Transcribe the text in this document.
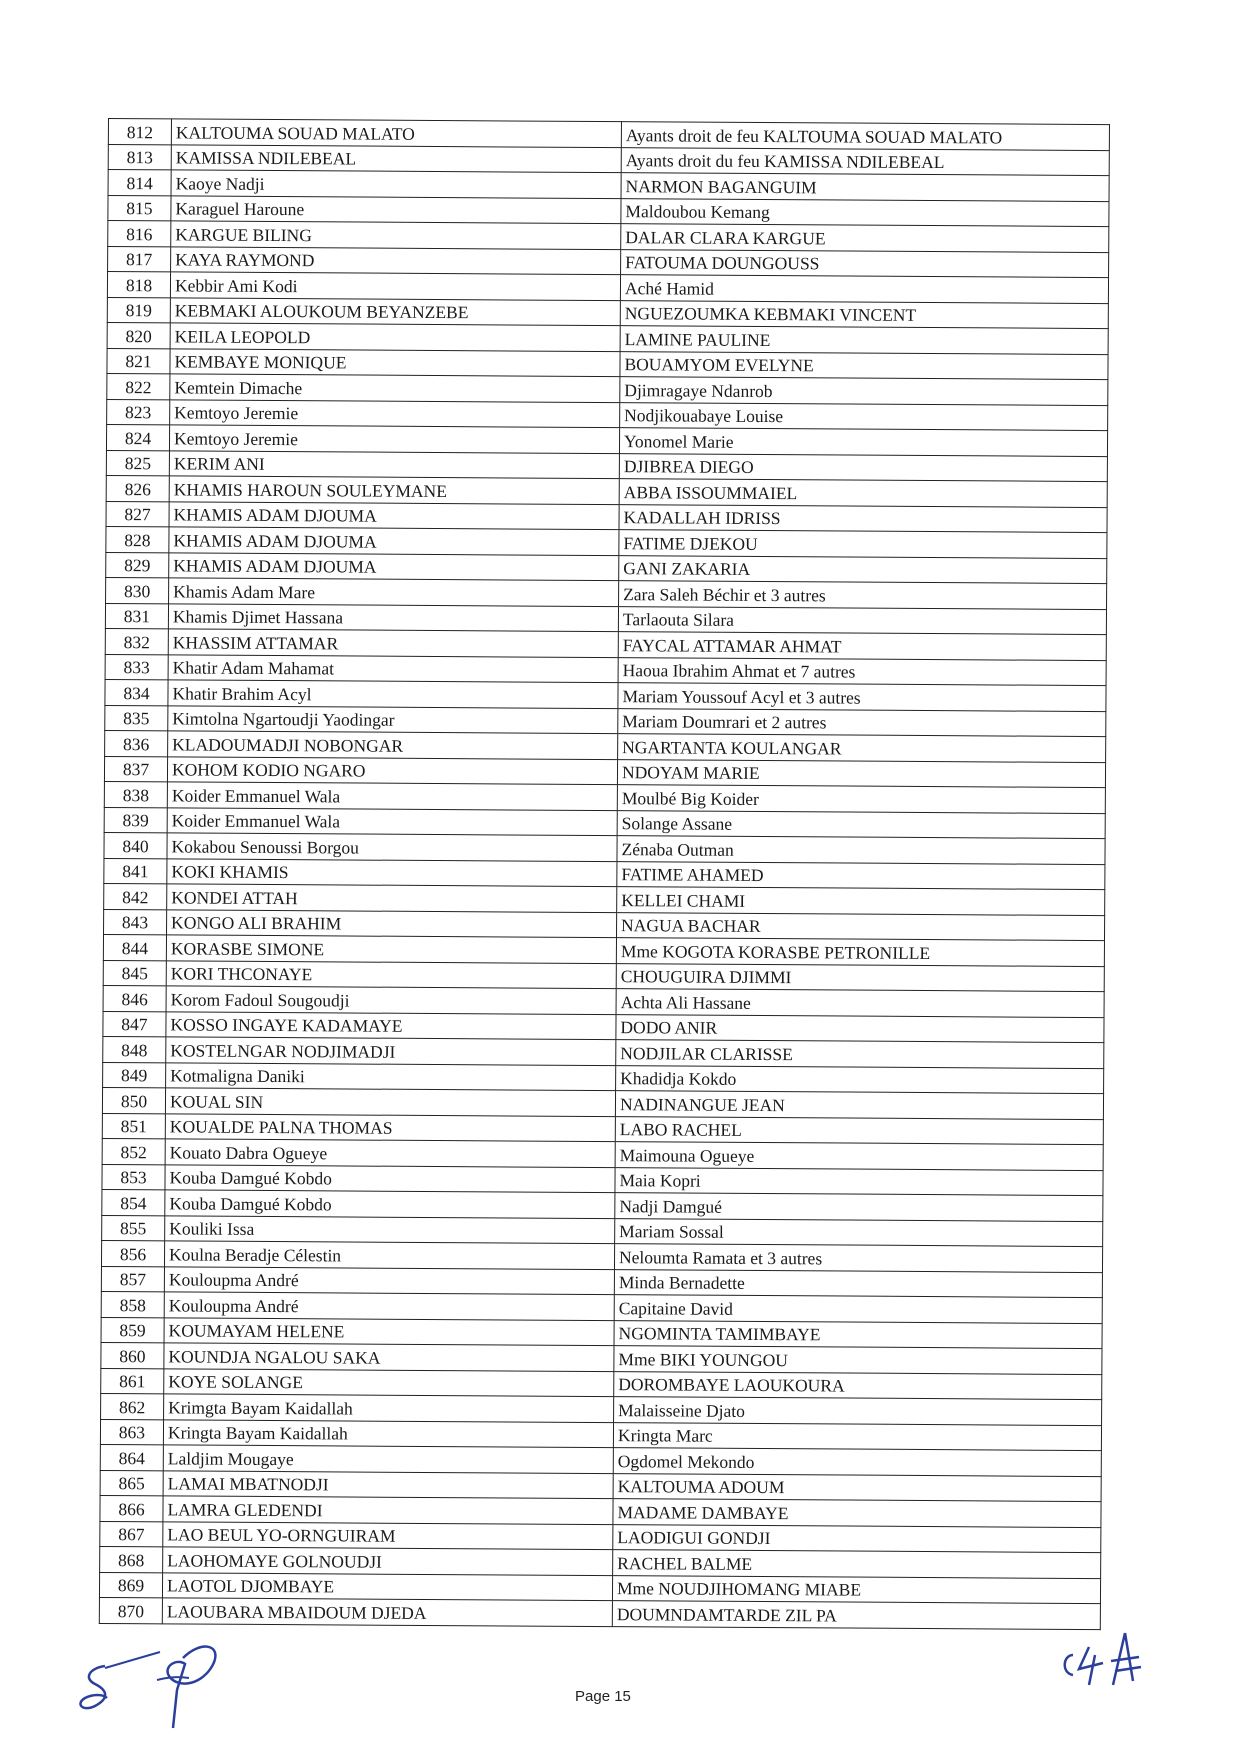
812	KALTOUMA SOUAD MALATO	Ayants droit de feu KALTOUMA SOUAD MALATO
813	KAMISSA NDILEBEAL	Ayants droit du feu KAMISSA NDILEBEAL
814	Kaoye Nadji	NARMON BAGANGUIM
815	Karaguel Haroune	Maldoubou Kemang
816	KARGUE BILING	DALAR CLARA KARGUE
817	KAYA RAYMOND	FATOUMA DOUNGOUSS
818	Kebbir Ami Kodi	Aché Hamid
819	KEBMAKI ALOUKOUM BEYANZEBE	NGUEZOUMKA KEBMAKI VINCENT
820	KEILA LEOPOLD	LAMINE PAULINE
821	KEMBAYE MONIQUE	BOUAMYOM EVELYNE
822	Kemtein Dimache	Djimragaye Ndanrob
823	Kemtoyo Jeremie	Nodjikouabaye Louise
824	Kemtoyo Jeremie	Yonomel Marie
825	KERIM ANI	DJIBREA DIEGO
826	KHAMIS HAROUN SOULEYMANE	ABBA ISSOUMMAIEL
827	KHAMIS ADAM DJOUMA	KADALLAH IDRISS
828	KHAMIS ADAM DJOUMA	FATIME DJEKOU
829	KHAMIS ADAM DJOUMA	GANI ZAKARIA
830	Khamis Adam Mare	Zara Saleh Béchir et 3 autres
831	Khamis Djimet Hassana	Tarlaouta Silara
832	KHASSIM ATTAMAR	FAYCAL ATTAMAR AHMAT
833	Khatir Adam Mahamat	Haoua Ibrahim Ahmat et 7 autres
834	Khatir Brahim Acyl	Mariam Youssouf Acyl et 3 autres
835	Kimtolna Ngartoudji Yaodingar	Mariam Doumrari et 2 autres
836	KLADOUMADJI NOBONGAR	NGARTANTA KOULANGAR
837	KOHOM KODIO NGARO	NDOYAM MARIE
838	Koider Emmanuel Wala	Moulbé Big Koider
839	Koider Emmanuel Wala	Solange Assane
840	Kokabou Senoussi Borgou	Zénaba Outman
841	KOKI KHAMIS	FATIME AHAMED
842	KONDEI ATTAH	KELLEI CHAMI
843	KONGO ALI BRAHIM	NAGUA BACHAR
844	KORASBE SIMONE	Mme KOGOTA KORASBE PETRONILLE
845	KORI THCONAYE	CHOUGUIRA DJIMMI
846	Korom Fadoul Sougoudji	Achta Ali Hassane
847	KOSSO INGAYE KADAMAYE	DODO ANIR
848	KOSTELNGAR NODJIMADJI	NODJILAR CLARISSE
849	Kotmaligna Daniki	Khadidja Kokdo
850	KOUAL SIN	NADINANGUE JEAN
851	KOUALDE PALNA THOMAS	LABO RACHEL
852	Kouato Dabra Ogueye	Maimouna Ogueye
853	Kouba Damgué Kobdo	Maia Kopri
854	Kouba Damgué Kobdo	Nadji Damgué
855	Kouliki Issa	Mariam Sossal
856	Koulna Beradje Célestin	Neloumta Ramata et 3 autres
857	Kouloupma André	Minda Bernadette
858	Kouloupma André	Capitaine David
859	KOUMAYAM HELENE	NGOMINTA TAMIMBAYE
860	KOUNDJA NGALOU SAKA	Mme BIKI YOUNGOU
861	KOYE SOLANGE	DOROMBAYE LAOUKOURA
862	Krimgta Bayam Kaidallah	Malaisseine Djato
863	Kringta Bayam Kaidallah	Kringta Marc
864	Laldjim Mougaye	Ogdomel Mekondo
865	LAMAI MBATNODJI	KALTOUMA ADOUM
866	LAMRA GLEDENDI	MADAME DAMBAYE
867	LAO BEUL YO-ORNGUIRAM	LAODIGUI GONDJI
868	LAOHOMAYE GOLNOUDJI	RACHEL BALME
869	LAOTOL DJOMBAYE	Mme NOUDJIHOMANG MIABE
870	LAOUBARA MBAIDOUM DJEDA	DOUMNDAMTARDE ZIL PA
Page 15
